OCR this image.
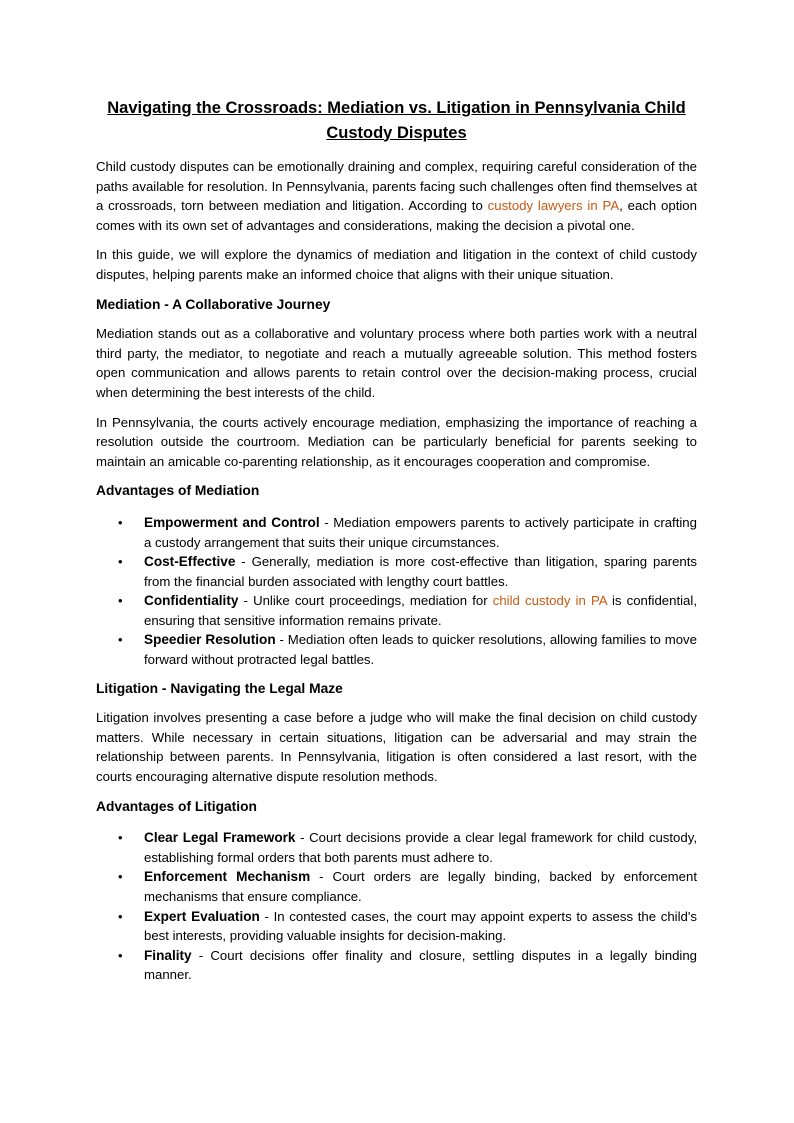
Navigating the Crossroads: Mediation vs. Litigation in Pennsylvania Child Custody Disputes

Child custody disputes can be emotionally draining and complex, requiring careful consideration of the paths available for resolution. In Pennsylvania, parents facing such challenges often find themselves at a crossroads, torn between mediation and litigation. According to custody lawyers in PA, each option comes with its own set of advantages and considerations, making the decision a pivotal one.

In this guide, we will explore the dynamics of mediation and litigation in the context of child custody disputes, helping parents make an informed choice that aligns with their unique situation.

Mediation - A Collaborative Journey

Mediation stands out as a collaborative and voluntary process where both parties work with a neutral third party, the mediator, to negotiate and reach a mutually agreeable solution. This method fosters open communication and allows parents to retain control over the decision-making process, crucial when determining the best interests of the child.

In Pennsylvania, the courts actively encourage mediation, emphasizing the importance of reaching a resolution outside the courtroom. Mediation can be particularly beneficial for parents seeking to maintain an amicable co-parenting relationship, as it encourages cooperation and compromise.

Advantages of Mediation
• Empowerment and Control - Mediation empowers parents to actively participate in crafting a custody arrangement that suits their unique circumstances.
• Cost-Effective - Generally, mediation is more cost-effective than litigation, sparing parents from the financial burden associated with lengthy court battles.
• Confidentiality - Unlike court proceedings, mediation for child custody in PA is confidential, ensuring that sensitive information remains private.
• Speedier Resolution - Mediation often leads to quicker resolutions, allowing families to move forward without protracted legal battles.
Litigation - Navigating the Legal Maze

Litigation involves presenting a case before a judge who will make the final decision on child custody matters. While necessary in certain situations, litigation can be adversarial and may strain the relationship between parents. In Pennsylvania, litigation is often considered a last resort, with the courts encouraging alternative dispute resolution methods.

Advantages of Litigation
• Clear Legal Framework - Court decisions provide a clear legal framework for child custody, establishing formal orders that both parents must adhere to.
• Enforcement Mechanism - Court orders are legally binding, backed by enforcement mechanisms that ensure compliance.
• Expert Evaluation - In contested cases, the court may appoint experts to assess the child's best interests, providing valuable insights for decision-making.
• Finality - Court decisions offer finality and closure, settling disputes in a legally binding manner.
